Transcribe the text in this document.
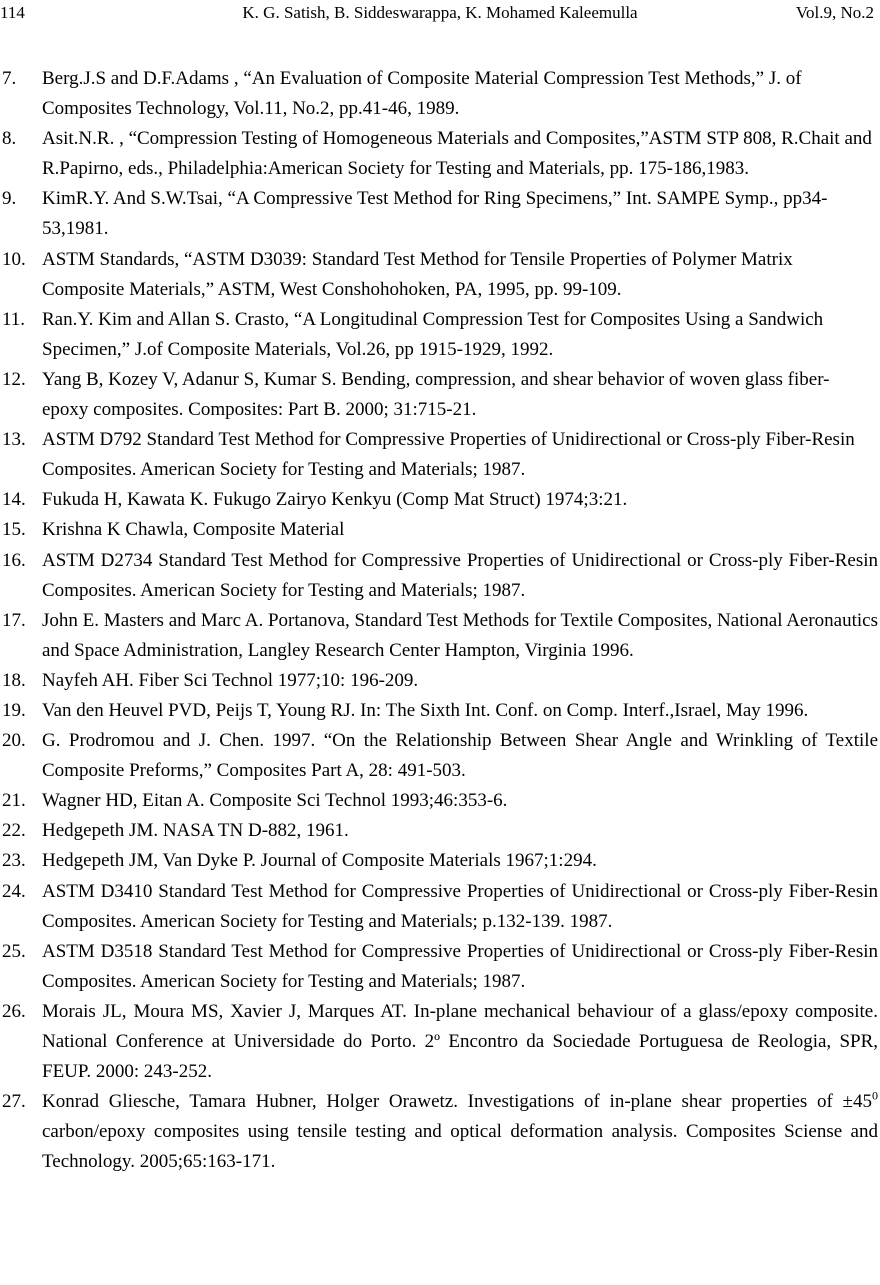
114	K. G. Satish, B. Siddeswarappa, K. Mohamed Kaleemulla	Vol.9, No.2
7. Berg.J.S and D.F.Adams , “An Evaluation of Composite Material Compression Test Methods,” J. of Composites Technology, Vol.11, No.2, pp.41-46, 1989.
8. Asit.N.R. , “Compression Testing of Homogeneous Materials and Composites,”ASTM STP 808, R.Chait and R.Papirno, eds., Philadelphia:American Society for Testing and Materials, pp. 175-186,1983.
9. KimR.Y. And S.W.Tsai, “A Compressive Test Method for Ring Specimens,” Int. SAMPE Symp., pp34-53,1981.
10. ASTM Standards, “ASTM D3039: Standard Test Method for Tensile Properties of Polymer Matrix Composite Materials,” ASTM, West Conshohohoken, PA, 1995, pp. 99-109.
11. Ran.Y. Kim and Allan S. Crasto, “A Longitudinal Compression Test for Composites Using a Sandwich Specimen,” J.of Composite Materials, Vol.26, pp 1915-1929, 1992.
12. Yang B, Kozey V, Adanur S, Kumar S. Bending, compression, and shear behavior of woven glass fiber- epoxy composites. Composites: Part B. 2000; 31:715-21.
13. ASTM D792 Standard Test Method for Compressive Properties of Unidirectional or Cross-ply Fiber-Resin Composites. American Society for Testing and Materials; 1987.
14. Fukuda H, Kawata K. Fukugo Zairyo Kenkyu (Comp Mat Struct) 1974;3:21.
15. Krishna K Chawla, Composite Material
16. ASTM D2734 Standard Test Method for Compressive Properties of Unidirectional or Cross-ply Fiber-Resin Composites. American Society for Testing and Materials; 1987.
17. John E. Masters and Marc A. Portanova, Standard Test Methods for Textile Composites, National Aeronautics and Space Administration, Langley Research Center Hampton, Virginia 1996.
18. Nayfeh AH. Fiber Sci Technol 1977;10: 196-209.
19. Van den Heuvel PVD, Peijs T, Young RJ. In: The Sixth Int. Conf. on Comp. Interf.,Israel, May 1996.
20. G. Prodromou and J. Chen. 1997. “On the Relationship Between Shear Angle and Wrinkling of Textile Composite Preforms,” Composites Part A, 28: 491-503.
21. Wagner HD, Eitan A. Composite Sci Technol 1993;46:353-6.
22. Hedgepeth JM. NASA TN D-882, 1961.
23. Hedgepeth JM, Van Dyke P. Journal of Composite Materials 1967;1:294.
24. ASTM D3410 Standard Test Method for Compressive Properties of Unidirectional or Cross-ply Fiber-Resin Composites. American Society for Testing and Materials; p.132-139. 1987.
25. ASTM D3518 Standard Test Method for Compressive Properties of Unidirectional or Cross-ply Fiber-Resin Composites. American Society for Testing and Materials; 1987.
26. Morais JL, Moura MS, Xavier J, Marques AT. In-plane mechanical behaviour of a glass/epoxy composite. National Conference at Universidade do Porto. 2º Encontro da Sociedade Portuguesa de Reologia, SPR, FEUP. 2000: 243-252.
27. Konrad Gliesche, Tamara Hubner, Holger Orawetz. Investigations of in-plane shear properties of $\pm 45^0$ carbon/epoxy composites using tensile testing and optical deformation analysis. Composites Sciense and Technology. 2005;65:163-171.
